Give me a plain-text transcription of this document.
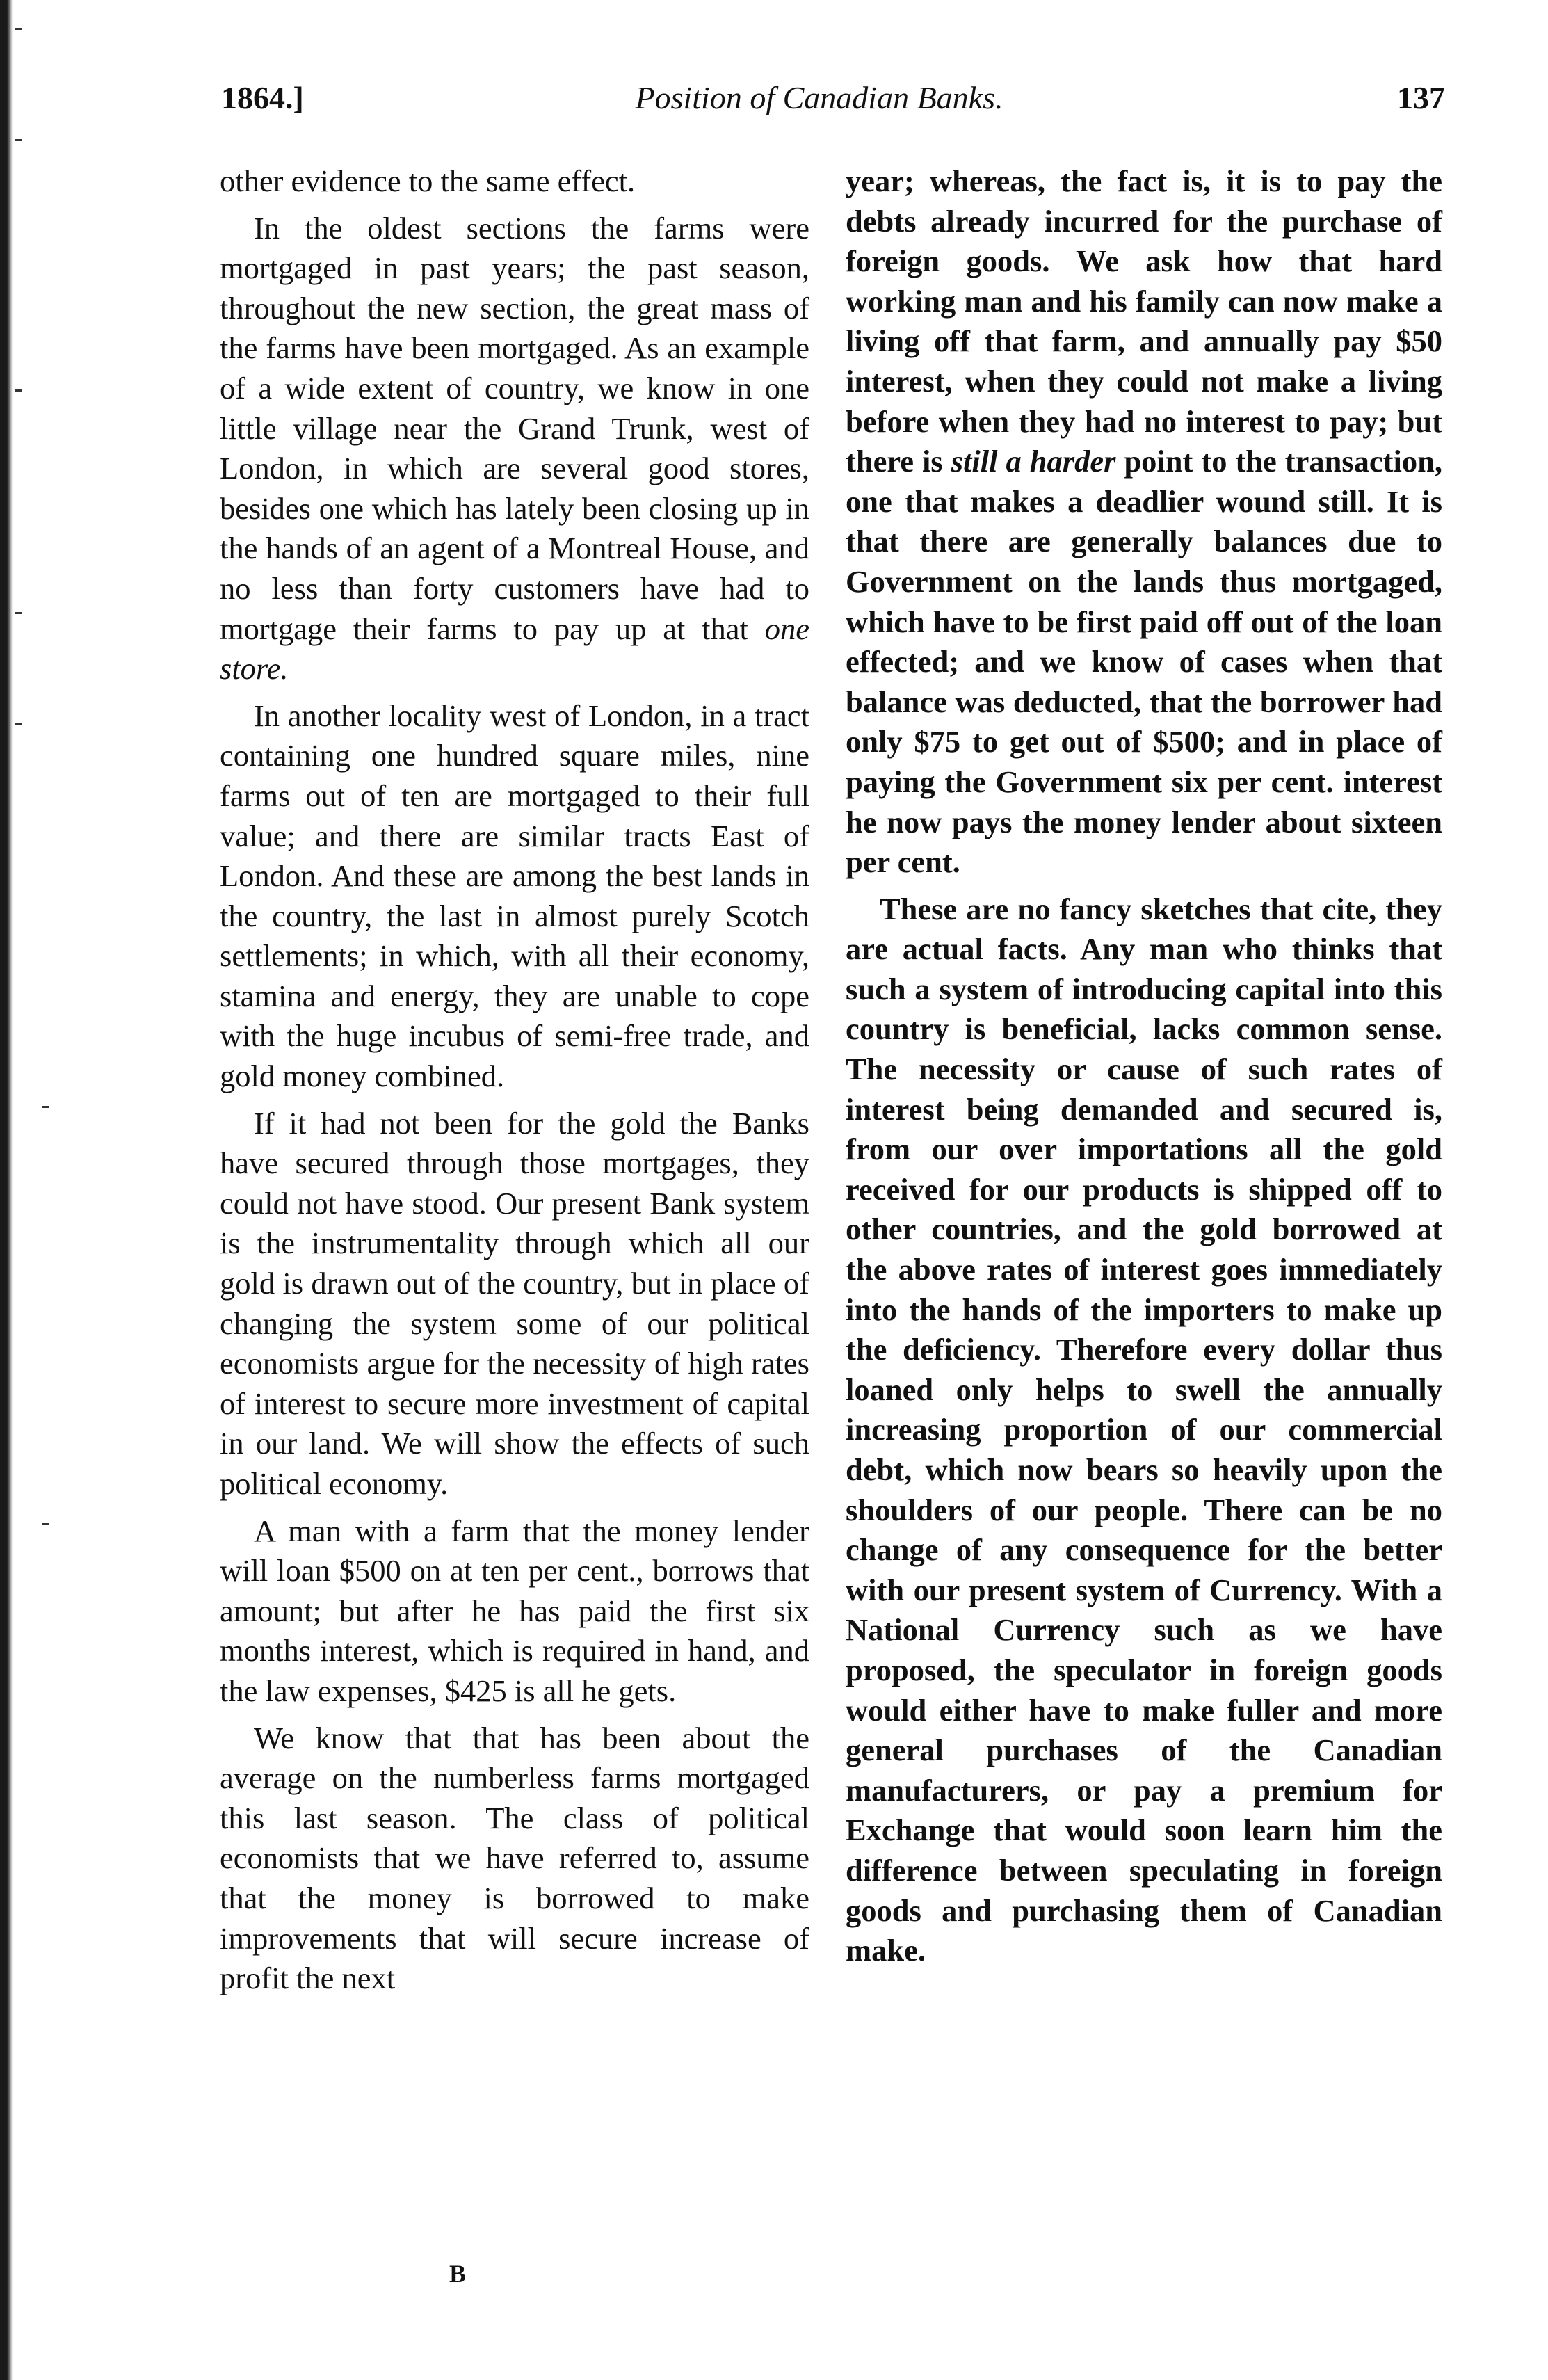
1864.]	Position of Canadian Banks.	137

other evidence to the same effect.

In the oldest sections the farms were mortgaged in past years; the past season, throughout the new section, the great mass of the farms have been mortgaged. As an example of a wide extent of country, we know in one little village near the Grand Trunk, west of London, in which are several good stores, besides one which has lately been closing up in the hands of an agent of a Montreal House, and no less than forty customers have had to mortgage their farms to pay up at that one store.

In another locality west of London, in a tract containing one hundred square miles, nine farms out of ten are mortgaged to their full value; and there are similar tracts East of London. And these are among the best lands in the country, the last in almost purely Scotch settlements; in which, with all their economy, stamina and energy, they are unable to cope with the huge incubus of semi-free trade, and gold money combined.

If it had not been for the gold the Banks have secured through those mortgages, they could not have stood. Our present Bank system is the instrumentality through which all our gold is drawn out of the country, but in place of changing the system some of our political economists argue for the necessity of high rates of interest to secure more investment of capital in our land. We will show the effects of such political economy.

A man with a farm that the money lender will loan $500 on at ten per cent., borrows that amount; but after he has paid the first six months interest, which is required in hand, and the law expenses, $425 is all he gets.

We know that that has been about the average on the numberless farms mortgaged this last season. The class of political economists that we have referred to, assume that the money is borrowed to make improvements that will secure increase of profit the next

year; whereas, the fact is, it is to pay the debts already incurred for the purchase of foreign goods. We ask how that hard working man and his family can now make a living off that farm, and annually pay $50 interest, when they could not make a living before when they had no interest to pay; but there is still a harder point to the transaction, one that makes a deadlier wound still. It is that there are generally balances due to Government on the lands thus mortgaged, which have to be first paid off out of the loan effected; and we know of cases when that balance was deducted, that the borrower had only $75 to get out of $500; and in place of paying the Government six per cent. interest he now pays the money lender about sixteen per cent.

These are no fancy sketches that cite, they are actual facts. Any man who thinks that such a system of introducing capital into this country is beneficial, lacks common sense. The necessity or cause of such rates of interest being demanded and secured is, from our over importations all the gold received for our products is shipped off to other countries, and the gold borrowed at the above rates of interest goes immediately into the hands of the importers to make up the deficiency. Therefore every dollar thus loaned only helps to swell the annually increasing proportion of our commercial debt, which now bears so heavily upon the shoulders of our people. There can be no change of any consequence for the better with our present system of Currency. With a National Currency such as we have proposed, the speculator in foreign goods would either have to make fuller and more general purchases of the Canadian manufacturers, or pay a premium for Exchange that would soon learn him the difference between speculating in foreign goods and purchasing them of Canadian make.

B
